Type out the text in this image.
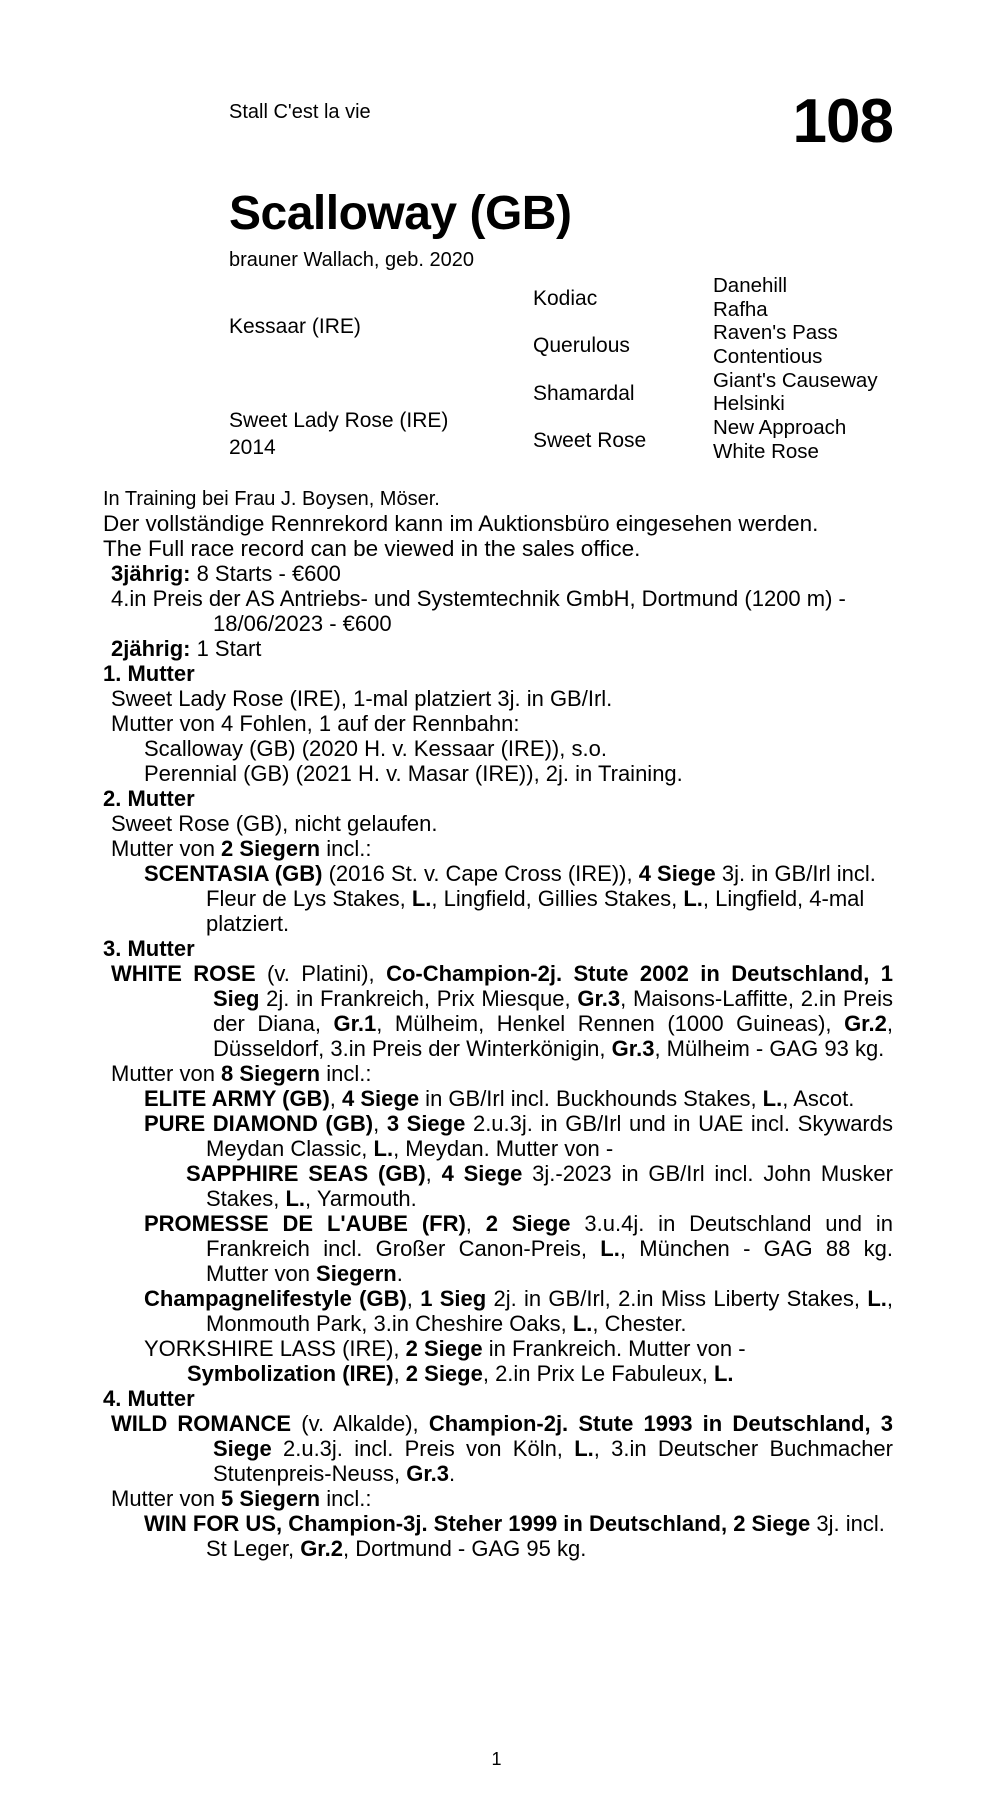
Stall C'est la vie	108
Scalloway (GB)
brauner Wallach, geb. 2020
Kessaar (IRE)
Sweet Lady Rose (IRE)
2014
Kodiac
Querulous
Shamardal
Sweet Rose
Danehill
Rafha
Raven's Pass
Contentious
Giant's Causeway
Helsinki
New Approach
White Rose

In Training bei Frau J. Boysen, Möser.

Der vollständige Rennrekord kann im Auktionsbüro eingesehen werden.

The Full race record can be viewed in the sales office.

3jährig: 8 Starts - €600

4.in Preis der AS Antriebs- und Systemtechnik GmbH, Dortmund (1200 m) - 18/06/2023 - €600

2jährig: 1 Start

1. Mutter

Sweet Lady Rose (IRE), 1-mal platziert 3j. in GB/Irl.

Mutter von 4 Fohlen, 1 auf der Rennbahn:

Scalloway (GB) (2020 H. v. Kessaar (IRE)), s.o.

Perennial (GB) (2021 H. v. Masar (IRE)), 2j. in Training.

2. Mutter

Sweet Rose (GB), nicht gelaufen.

Mutter von 2 Siegern incl.:

SCENTASIA (GB) (2016 St. v. Cape Cross (IRE)), 4 Siege 3j. in GB/Irl incl. Fleur de Lys Stakes, L., Lingfield, Gillies Stakes, L., Lingfield, 4-mal platziert.

3. Mutter

WHITE ROSE (v. Platini), Co-Champion-2j. Stute 2002 in Deutschland, 1 Sieg 2j. in Frankreich, Prix Miesque, Gr.3, Maisons-Laffitte, 2.in Preis der Diana, Gr.1, Mülheim, Henkel Rennen (1000 Guineas), Gr.2, Düsseldorf, 3.in Preis der Winterkönigin, Gr.3, Mülheim - GAG 93 kg.

Mutter von 8 Siegern incl.:

ELITE ARMY (GB), 4 Siege in GB/Irl incl. Buckhounds Stakes, L., Ascot.

PURE DIAMOND (GB), 3 Siege 2.u.3j. in GB/Irl und in UAE incl. Skywards Meydan Classic, L., Meydan. Mutter von -

SAPPHIRE SEAS (GB), 4 Siege 3j.-2023 in GB/Irl incl. John Musker Stakes, L., Yarmouth.

PROMESSE DE L'AUBE (FR), 2 Siege 3.u.4j. in Deutschland und in Frankreich incl. Großer Canon-Preis, L., München - GAG 88 kg. Mutter von Siegern.

Champagnelifestyle (GB), 1 Sieg 2j. in GB/Irl, 2.in Miss Liberty Stakes, L., Monmouth Park, 3.in Cheshire Oaks, L., Chester.

YORKSHIRE LASS (IRE), 2 Siege in Frankreich. Mutter von -

Symbolization (IRE), 2 Siege, 2.in Prix Le Fabuleux, L.

4. Mutter

WILD ROMANCE (v. Alkalde), Champion-2j. Stute 1993 in Deutschland, 3 Siege 2.u.3j. incl. Preis von Köln, L., 3.in Deutscher Buchmacher Stutenpreis-Neuss, Gr.3.

Mutter von 5 Siegern incl.:

WIN FOR US, Champion-3j. Steher 1999 in Deutschland, 2 Siege 3j. incl. St Leger, Gr.2, Dortmund - GAG 95 kg.

1
